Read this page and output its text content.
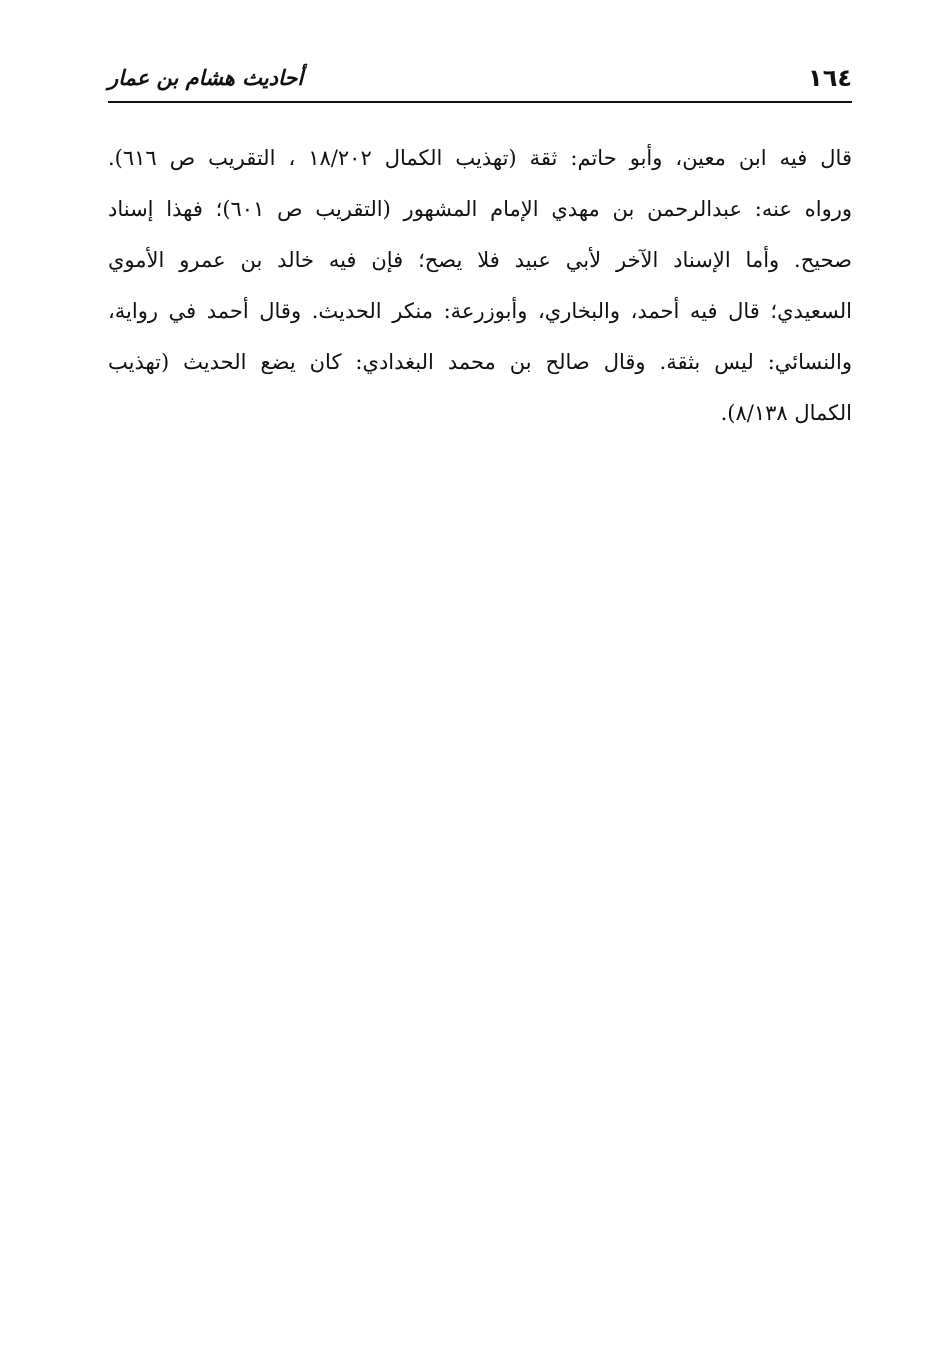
١٦٤
أحاديث هشام بن عمار
قال فيه ابن معين، وأبو حاتم: ثقة (تهذيب الكمال ١٨/٢٠٢ ، التقريب ص ٦١٦).
ورواه عنه: عبدالرحمن بن مهدي الإمام المشهور (التقريب ص ٦٠١)؛ فهذا إسناد
صحيح. وأما الإسناد الآخر لأبي عبيد فلا يصح؛ فإن فيه خالد بن عمرو الأموي
السعيدي؛ قال فيه أحمد، والبخاري، وأبوزرعة: منكر الحديث. وقال أحمد في رواية،
والنسائي: ليس بثقة. وقال صالح بن محمد البغدادي: كان يضع الحديث (تهذيب
الكمال ٨/١٣٨).
